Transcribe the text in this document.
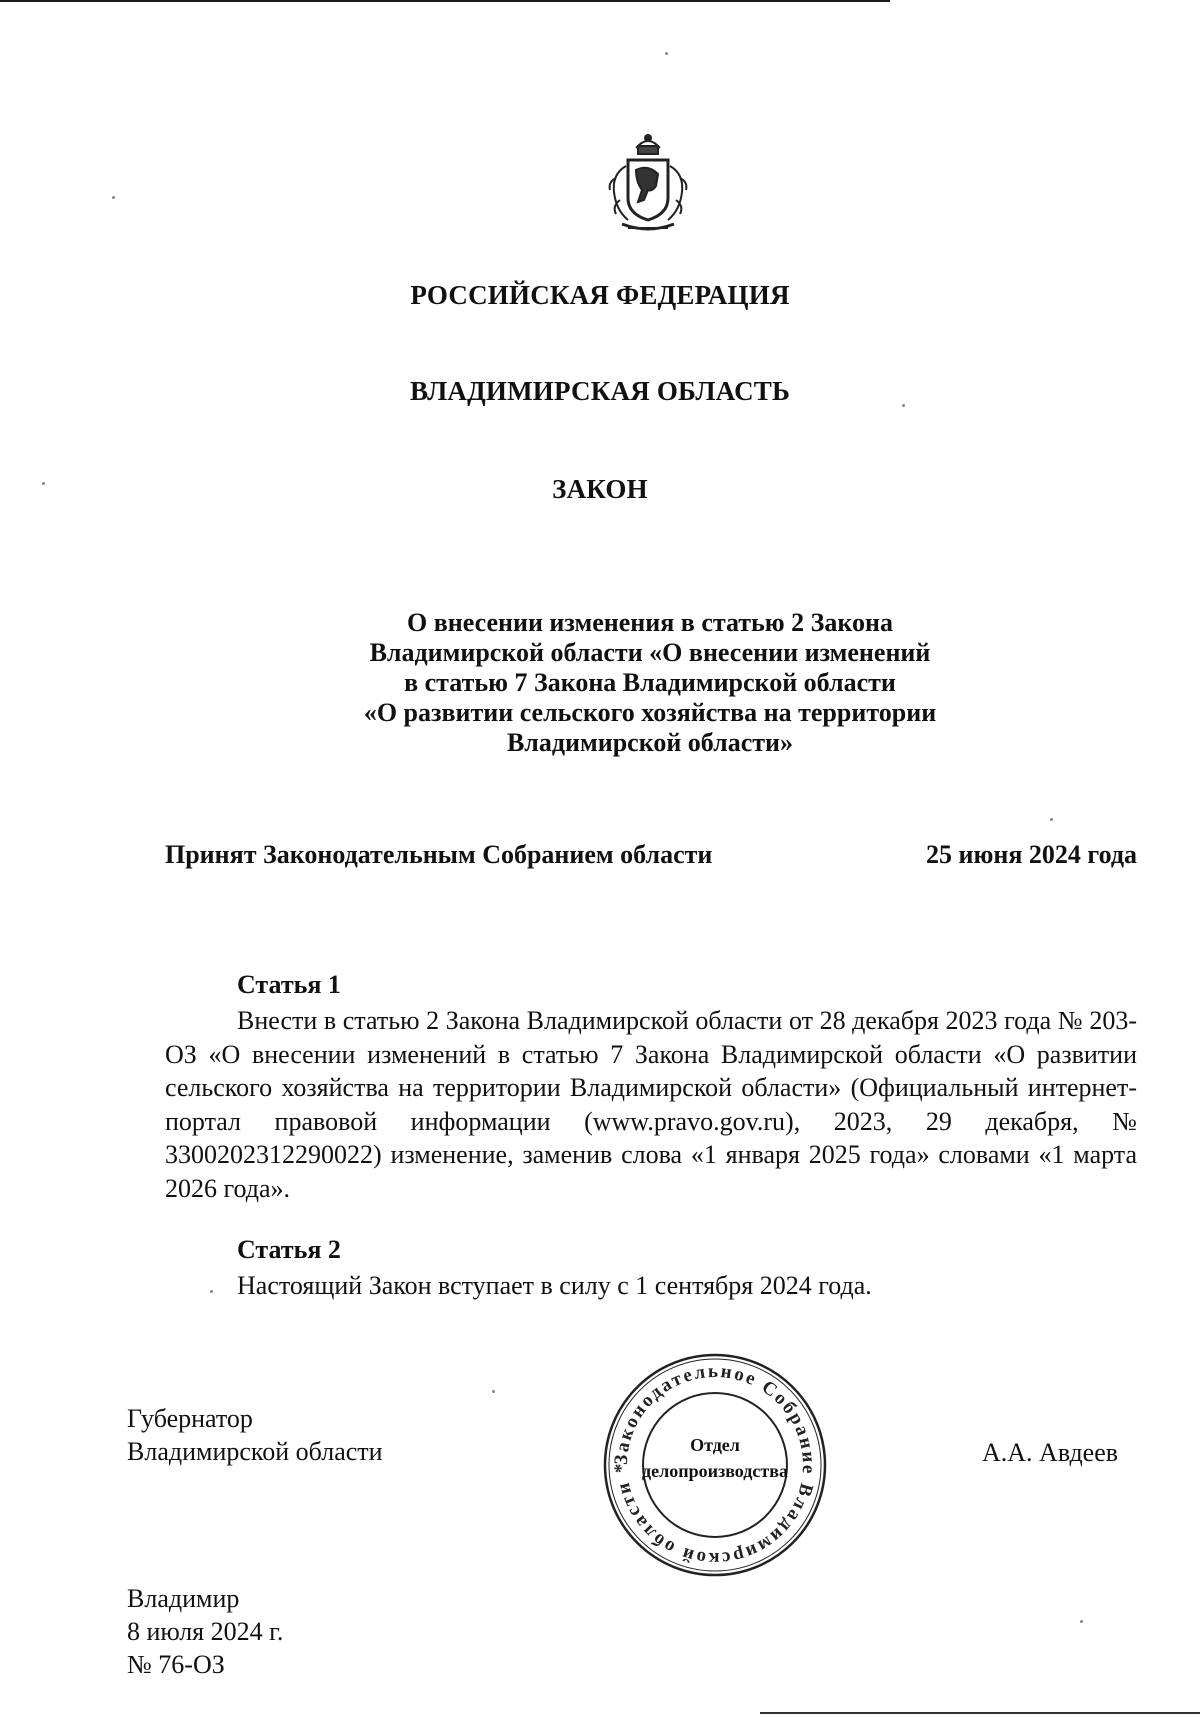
РОССИЙСКАЯ ФЕДЕРАЦИЯ
ВЛАДИМИРСКАЯ ОБЛАСТЬ
ЗАКОН
О внесении изменения в статью 2 Закона
Владимирской области «О внесении изменений
в статью 7 Закона Владимирской области
«О развитии сельского хозяйства на территории
Владимирской области»
Принят Законодательным Собранием области	25 июня 2024 года
Статья 1
Внести в статью 2 Закона Владимирской области от 28 декабря 2023 года № 203-ОЗ «О внесении изменений в статью 7 Закона Владимирской области «О развитии сельского хозяйства на территории Владимирской области» (Официальный интернет-портал правовой информации (www.pravo.gov.ru), 2023, 29 декабря, № 3300202312290022) изменение, заменив слова «1 января 2025 года» словами «1 марта 2026 года».
Статья 2
Настоящий Закон вступает в силу с 1 сентября 2024 года.
Губернатор
Владимирской области	А.А. Авдеев
Законодательное Собрание Владимирской области *
Отдел
делопроизводства
Владимир
8 июля 2024 г.
№ 76-ОЗ
